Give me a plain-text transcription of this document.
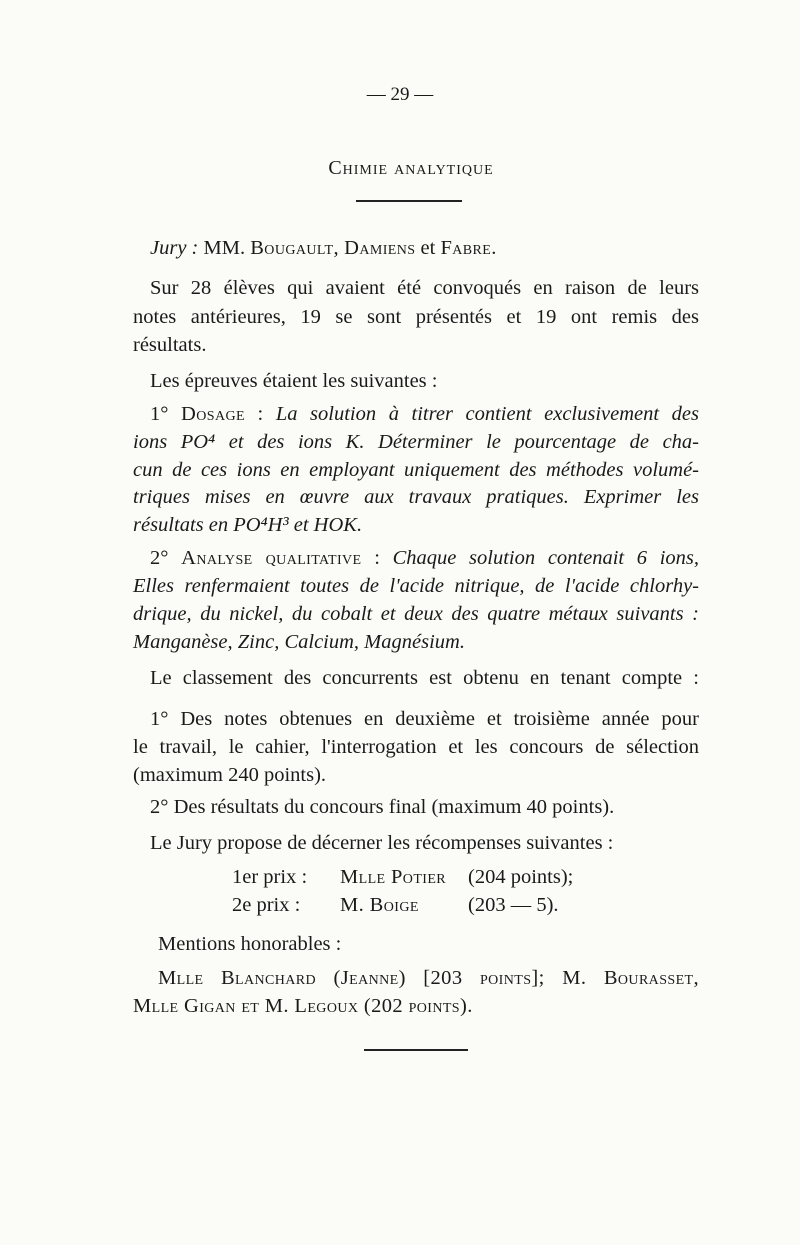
— 29 —
Chimie analytique
Jury : MM. Bougault, Damiens et Fabre.
Sur 28 élèves qui avaient été convoqués en raison de leurs
notes antérieures, 19 se sont présentés et 19 ont remis des
résultats.
Les épreuves étaient les suivantes :
1° Dosage : La solution à titrer contient exclusivement des
ions PO⁴ et des ions K. Déterminer le pourcentage de cha-
cun de ces ions en employant uniquement des méthodes volumé-
triques mises en œuvre aux travaux pratiques. Exprimer les
résultats en PO⁴H³ et HOK.
2° Analyse qualitative : Chaque solution contenait 6 ions,
Elles renfermaient toutes de l'acide nitrique, de l'acide chlorhy-
drique, du nickel, du cobalt et deux des quatre métaux suivants :
Manganèse, Zinc, Calcium, Magnésium.
Le classement des concurrents est obtenu en tenant compte :
1° Des notes obtenues en deuxième et troisième année pour
le travail, le cahier, l'interrogation et les concours de sélection
(maximum 240 points).
2° Des résultats du concours final (maximum 40 points).
Le Jury propose de décerner les récompenses suivantes :
1er prix : Mlle Potier (204 points);
2e prix : M. Boige (203 — 5).
Mentions honorables :
Mlle Blanchard (Jeanne) [203 points]; M. Bourasset,
Mlle Gigan et M. Legoux (202 points).
